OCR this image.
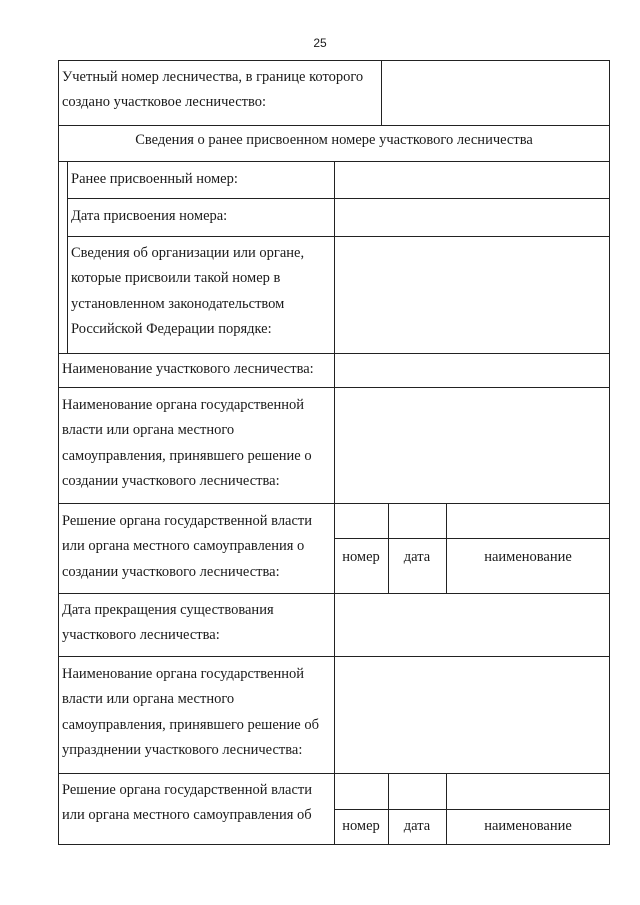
25
Учетный номер лесничества, в границе которого
создано участковое лесничество:
Сведения о ранее присвоенном номере участкового лесничества
Ранее присвоенный номер:
Дата присвоения номера:
Сведения об организации или органе,
которые присвоили такой номер в
установленном законодательством
Российской Федерации порядке:
Наименование участкового лесничества:
Наименование органа государственной
власти или органа местного
самоуправления, принявшего решение о
создании участкового лесничества:
Решение органа государственной власти
или органа местного самоуправления о
создании участкового лесничества:
номер	дата	наименование
Дата прекращения существования
участкового лесничества:
Наименование органа государственной
власти или органа местного
самоуправления, принявшего решение об
упразднении участкового лесничества:
Решение органа государственной власти
или органа местного самоуправления об
номер	дата	наименование
